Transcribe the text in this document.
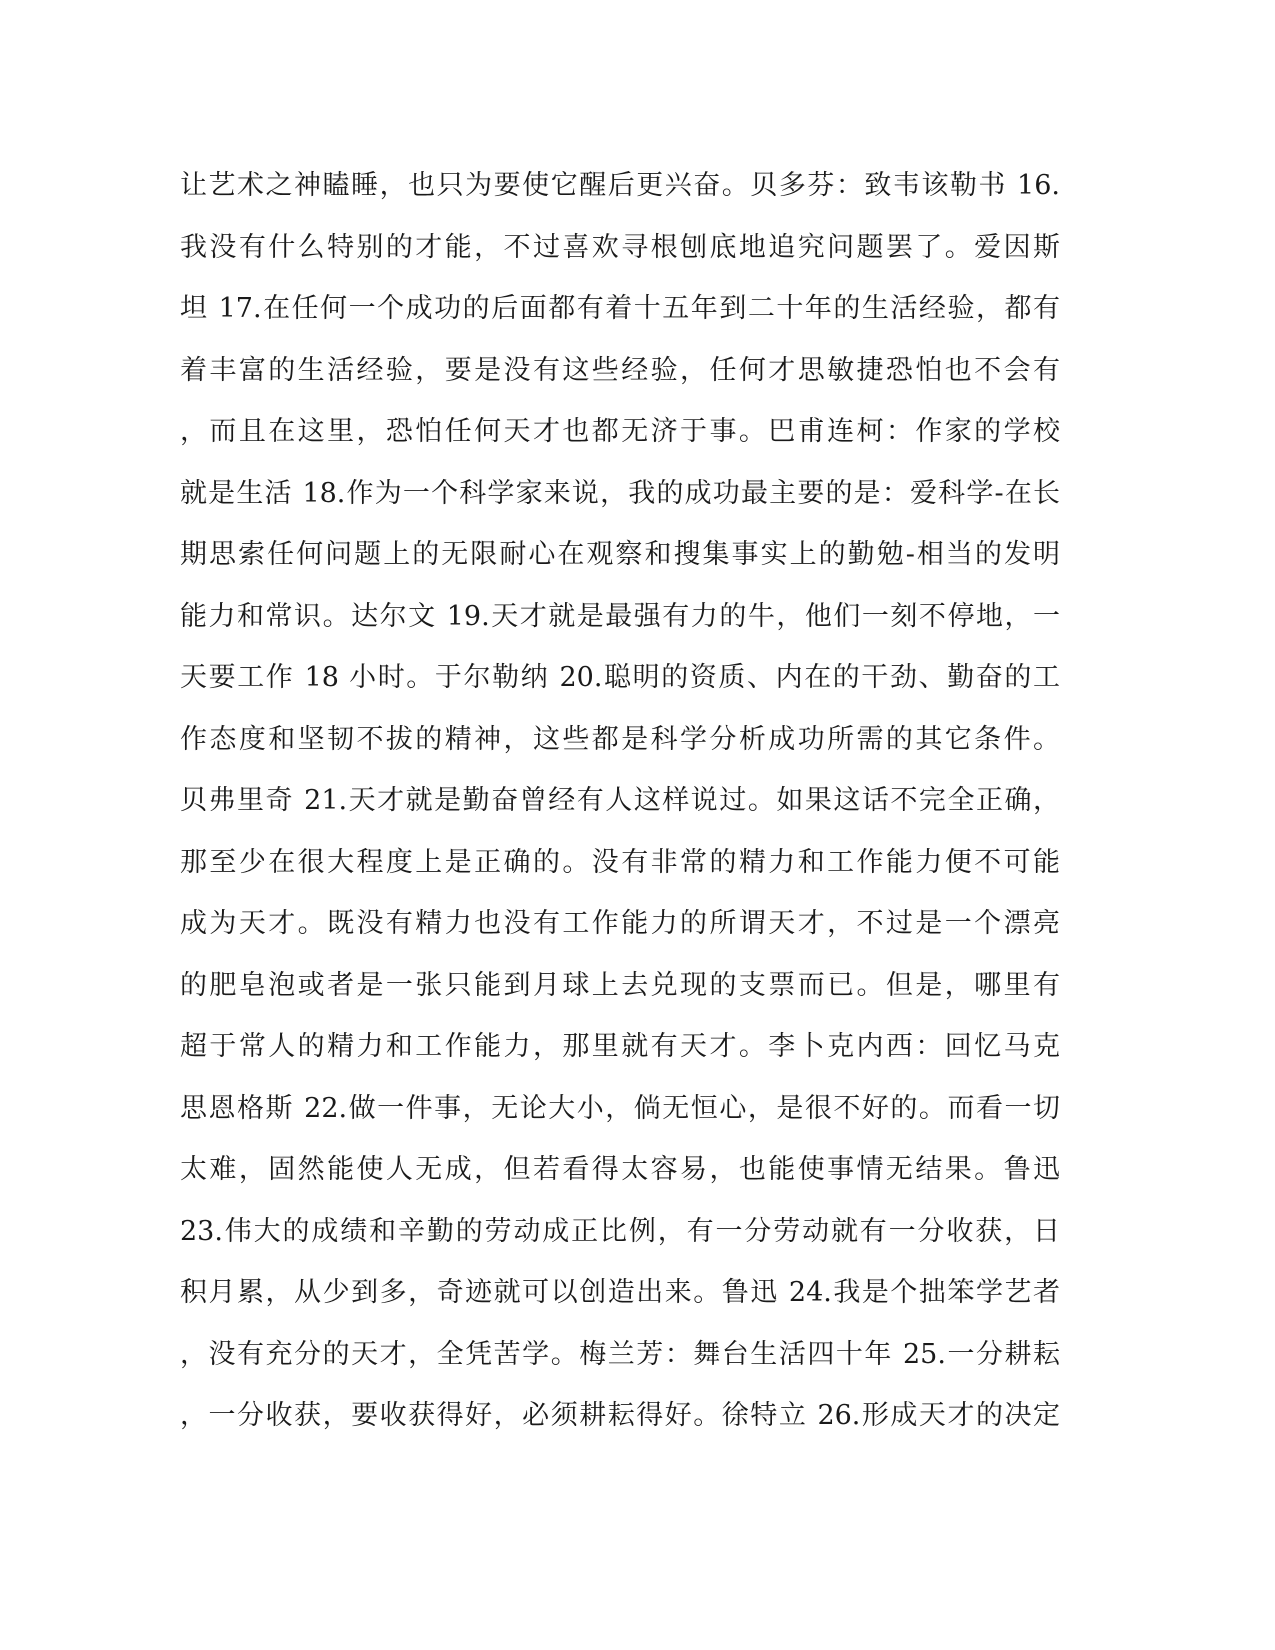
让艺术之神瞌睡，也只为要使它醒后更兴奋。贝多芬：致韦该勒书 16.
我没有什么特别的才能，不过喜欢寻根刨底地追究问题罢了。爱因斯
坦 17.在任何一个成功的后面都有着十五年到二十年的生活经验，都有
着丰富的生活经验，要是没有这些经验，任何才思敏捷恐怕也不会有
，而且在这里，恐怕任何天才也都无济于事。巴甫连柯：作家的学校
就是生活 18.作为一个科学家来说，我的成功最主要的是：爱科学-在长
期思索任何问题上的无限耐心在观察和搜集事实上的勤勉-相当的发明
能力和常识。达尔文 19.天才就是最强有力的牛，他们一刻不停地，一
天要工作 18 小时。于尔勒纳 20.聪明的资质、内在的干劲、勤奋的工
作态度和坚韧不拔的精神，这些都是科学分析成功所需的其它条件。
贝弗里奇 21.天才就是勤奋曾经有人这样说过。如果这话不完全正确，
那至少在很大程度上是正确的。没有非常的精力和工作能力便不可能
成为天才。既没有精力也没有工作能力的所谓天才，不过是一个漂亮
的肥皂泡或者是一张只能到月球上去兑现的支票而已。但是，哪里有
超于常人的精力和工作能力，那里就有天才。李卜克内西：回忆马克
思恩格斯 22.做一件事，无论大小，倘无恒心，是很不好的。而看一切
太难，固然能使人无成，但若看得太容易，也能使事情无结果。鲁迅
23.伟大的成绩和辛勤的劳动成正比例，有一分劳动就有一分收获，日
积月累，从少到多，奇迹就可以创造出来。鲁迅 24.我是个拙笨学艺者
，没有充分的天才，全凭苦学。梅兰芳：舞台生活四十年 25.一分耕耘
，一分收获，要收获得好，必须耕耘得好。徐特立 26.形成天才的决定
